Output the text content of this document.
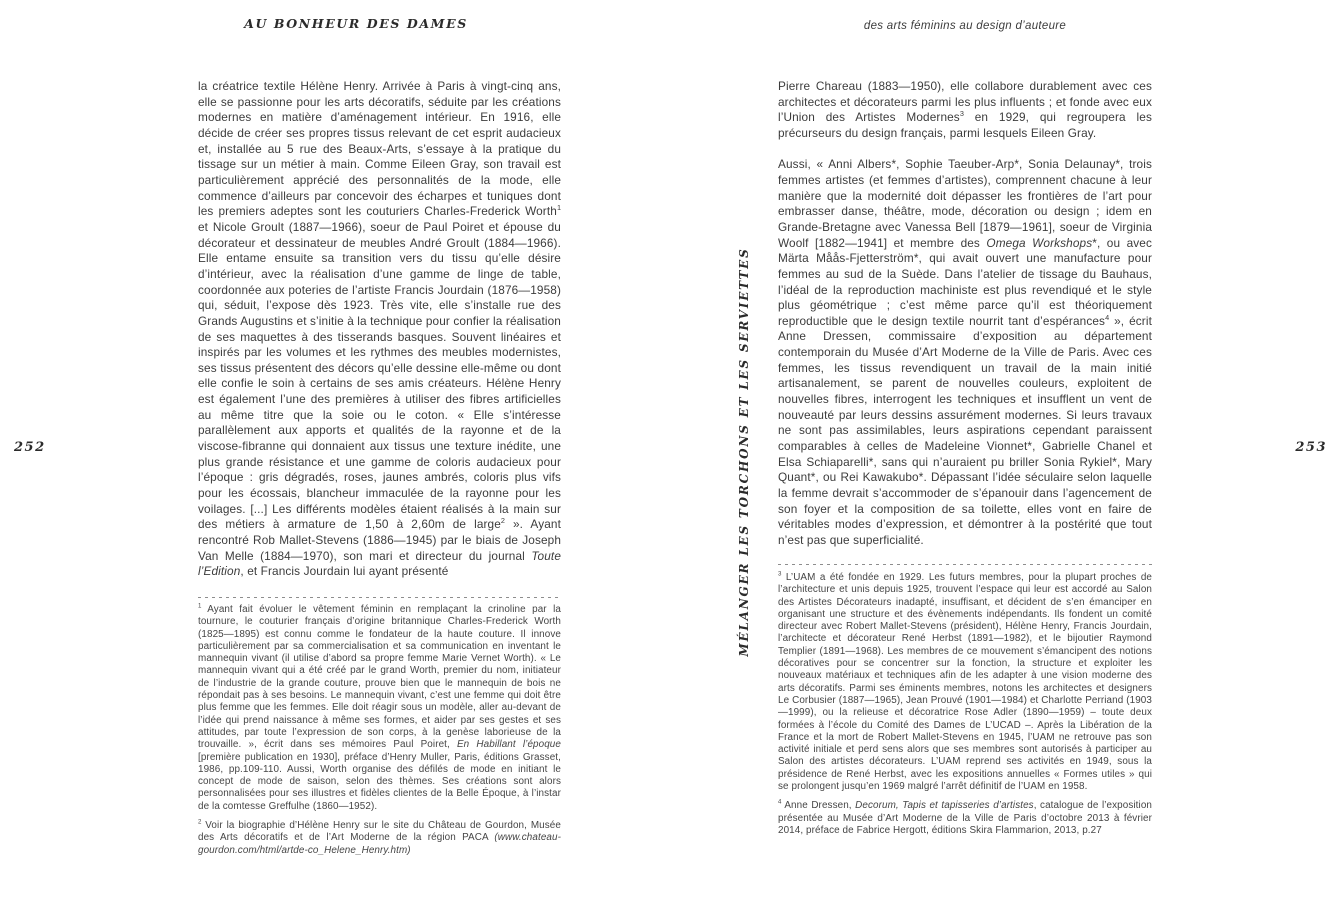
AU BONHEUR DES DAMES	des arts féminins au design d’auteure
252	253
MÉLANGER LES TORCHONS ET LES SERVIETTES

la créatrice textile Hélène Henry. Arrivée à Paris à vingt-cinq ans, elle se passionne pour les arts décoratifs, séduite par les créations modernes en matière d’aménagement intérieur. En 1916, elle décide de créer ses propres tissus relevant de cet esprit audacieux et, installée au 5 rue des Beaux-Arts, s’essaye à la pratique du tissage sur un métier à main. Comme Eileen Gray, son travail est particulièrement apprécié des personnalités de la mode, elle commence d’ailleurs par concevoir des écharpes et tuniques dont les premiers adeptes sont les couturiers Charles-Frederick Worth$^1$ et Nicole Groult (1887—1966), soeur de Paul Poiret et épouse du décorateur et dessinateur de meubles André Groult (1884—1966). Elle entame ensuite sa transition vers du tissu qu’elle désire d’intérieur, avec la réalisation d’une gamme de linge de table, coordonnée aux poteries de l’artiste Francis Jourdain (1876—1958) qui, séduit, l’expose dès 1923. Très vite, elle s’installe rue des Grands Augustins et s’initie à la technique pour confier la réalisation de ses maquettes à des tisserands basques. Souvent linéaires et inspirés par les volumes et les rythmes des meubles modernistes, ses tissus présentent des décors qu’elle dessine elle-même ou dont elle confie le soin à certains de ses amis créateurs. Hélène Henry est également l’une des premières à utiliser des fibres artificielles au même titre que la soie ou le coton. « Elle s’intéresse parallèlement aux apports et qualités de la rayonne et de la viscose-fibranne qui donnaient aux tissus une texture inédite, une plus grande résistance et une gamme de coloris audacieux pour l’époque : gris dégradés, roses, jaunes ambrés, coloris plus vifs pour les écossais, blancheur immaculée de la rayonne pour les voilages. [...] Les différents modèles étaient réalisés à la main sur des métiers à armature de 1,50 à 2,60m de large$^2$ ». Ayant rencontré Rob Mallet-Stevens (1886—1945) par le biais de Joseph Van Melle (1884—1970), son mari et directeur du journal Toute l’Edition, et Francis Jourdain lui ayant présenté

$^1$ Ayant fait évoluer le vêtement féminin en remplaçant la crinoline par la tournure, le couturier français d’origine britannique Charles-Frederick Worth (1825—1895) est connu comme le fondateur de la haute couture. Il innove particulièrement par sa commercialisation et sa communication en inventant le mannequin vivant (il utilise d’abord sa propre femme Marie Vernet Worth). « Le mannequin vivant qui a été créé par le grand Worth, premier du nom, initiateur de l’industrie de la grande couture, prouve bien que le mannequin de bois ne répondait pas à ses besoins. Le mannequin vivant, c’est une femme qui doit être plus femme que les femmes. Elle doit réagir sous un modèle, aller au-devant de l’idée qui prend naissance à même ses formes, et aider par ses gestes et ses attitudes, par toute l’expression de son corps, à la genèse laborieuse de la trouvaille. », écrit dans ses mémoires Paul Poiret, En Habillant l’époque [première publication en 1930], préface d’Henry Muller, Paris, éditions Grasset, 1986, pp.109-110. Aussi, Worth organise des défilés de mode en initiant le concept de mode de saison, selon des thèmes. Ses créations sont alors personnalisées pour ses illustres et fidèles clientes de la Belle Époque, à l’instar de la comtesse Greffulhe (1860—1952).

$^2$ Voir la biographie d’Hélène Henry sur le site du Château de Gourdon, Musée des Arts décoratifs et de l’Art Moderne de la région PACA (www.chateau-gourdon.com/html/artde-co_Helene_Henry.htm)

Pierre Chareau (1883—1950), elle collabore durablement avec ces architectes et décorateurs parmi les plus influents ; et fonde avec eux l’Union des Artistes Modernes$^3$ en 1929, qui regroupera les précurseurs du design français, parmi lesquels Eileen Gray.

Aussi, « Anni Albers*, Sophie Taeuber-Arp*, Sonia Delaunay*, trois femmes artistes (et femmes d’artistes), comprennent chacune à leur manière que la modernité doit dépasser les frontières de l’art pour embrasser danse, théâtre, mode, décoration ou design ; idem en Grande-Bretagne avec Vanessa Bell [1879—1961], soeur de Virginia Woolf [1882—1941] et membre des Omega Workshops*, ou avec Märta Måås-Fjetterström*, qui avait ouvert une manufacture pour femmes au sud de la Suède. Dans l’atelier de tissage du Bauhaus, l’idéal de la reproduction machiniste est plus revendiqué et le style plus géométrique ; c’est même parce qu’il est théoriquement reproductible que le design textile nourrit tant d’espérances$^4$ », écrit Anne Dressen, commissaire d’exposition au département contemporain du Musée d’Art Moderne de la Ville de Paris. Avec ces femmes, les tissus revendiquent un travail de la main initié artisanalement, se parent de nouvelles couleurs, exploitent de nouvelles fibres, interrogent les techniques et insufflent un vent de nouveauté par leurs dessins assurément modernes. Si leurs travaux ne sont pas assimilables, leurs aspirations cependant paraissent comparables à celles de Madeleine Vionnet*, Gabrielle Chanel et Elsa Schiaparelli*, sans qui n’auraient pu briller Sonia Rykiel*, Mary Quant*, ou Rei Kawakubo*. Dépassant l’idée séculaire selon laquelle la femme devrait s’accommoder de s’épanouir dans l’agencement de son foyer et la composition de sa toilette, elles vont en faire de véritables modes d’expression, et démontrer à la postérité que tout n’est pas que superficialité.

$^3$ L’UAM a été fondée en 1929. Les futurs membres, pour la plupart proches de l’architecture et unis depuis 1925, trouvent l’espace qui leur est accordé au Salon des Artistes Décorateurs inadapté, insuffisant, et décident de s’en émanciper en organisant une structure et des évènements indépendants. Ils fondent un comité directeur avec Robert Mallet-Stevens (président), Hélène Henry, Francis Jourdain, l’architecte et décorateur René Herbst (1891—1982), et le bijoutier Raymond Templier (1891—1968). Les membres de ce mouvement s’émancipent des notions décoratives pour se concentrer sur la fonction, la structure et exploiter les nouveaux matériaux et techniques afin de les adapter à une vision moderne des arts décoratifs. Parmi ses éminents membres, notons les architectes et designers Le Corbusier (1887—1965), Jean Prouvé (1901—1984) et Charlotte Perriand (1903—1999), ou la relieuse et décoratrice Rose Adler (1890—1959) – toute deux formées à l’école du Comité des Dames de L’UCAD –. Après la Libération de la France et la mort de Robert Mallet-Stevens en 1945, l’UAM ne retrouve pas son activité initiale et perd sens alors que ses membres sont autorisés à participer au Salon des artistes décorateurs. L’UAM reprend ses activités en 1949, sous la présidence de René Herbst, avec les expositions annuelles « Formes utiles » qui se prolongent jusqu’en 1969 malgré l’arrêt définitif de l’UAM en 1958.

$^4$ Anne Dressen, Decorum, Tapis et tapisseries d’artistes, catalogue de l’exposition présentée au Musée d’Art Moderne de la Ville de Paris d’octobre 2013 à février 2014, préface de Fabrice Hergott, éditions Skira Flammarion, 2013, p.27
